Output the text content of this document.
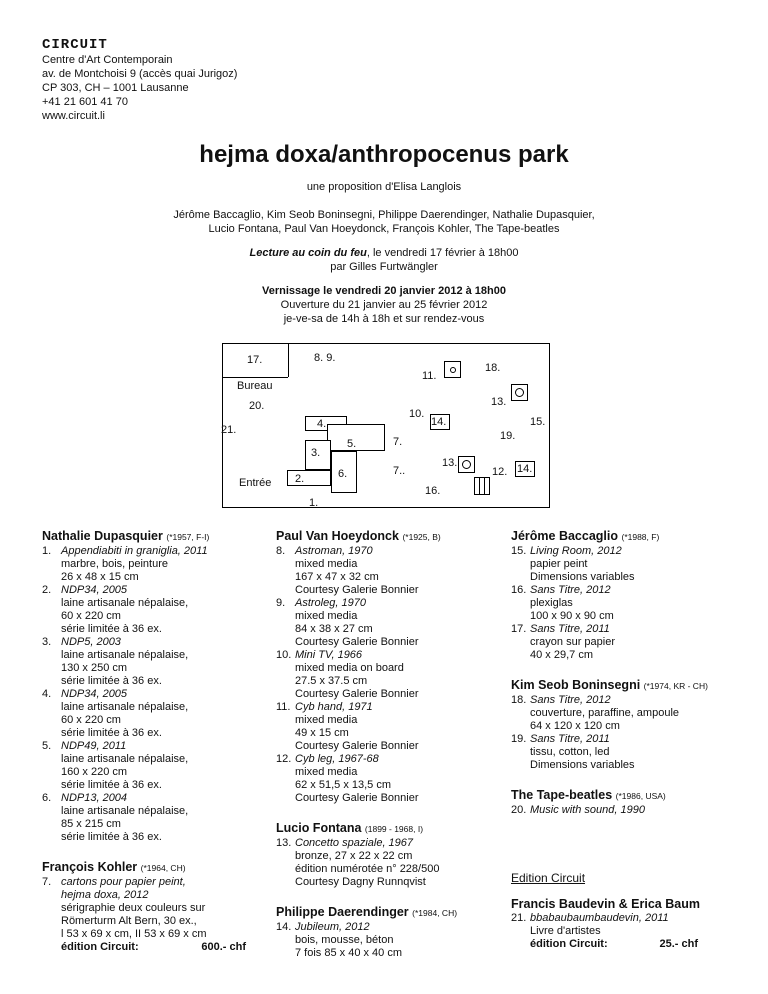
CIRCUIT
Centre d'Art Contemporain
av. de Montchoisi 9 (accès quai Jurigoz)
CP 303, CH – 1001 Lausanne
+41 21 601 41 70
www.circuit.li
hejma doxa/anthropocenus park
une proposition d'Elisa Langlois
Jérôme Baccaglio, Kim Seob Boninsegni, Philippe Daerendinger, Nathalie Dupasquier,
Lucio Fontana, Paul Van Hoeydonck, François Kohler, The Tape-beatles
Lecture au coin du feu, le vendredi 17 février à 18h00
par Gilles Furtwängler
Vernissage le vendredi 20 janvier 2012 à 18h00
Ouverture du 21 janvier au 25 février 2012
je-ve-sa de 14h à 18h et sur rendez-vous
17.	8. 9.
11.
18.
Bureau
20.	13.
10.
14.	15.
21.	4.
5.	7.	19.
3.
13.
2.	6.	7..	12. 14.
Entrée
16.
1.
Nathalie Dupasquier (*1957, F-I)
1. Appendiabiti in graniglia, 2011
marbre, bois, peinture
26 x 48 x 15 cm
2. NDP34, 2005
laine artisanale népalaise,
60 x 220 cm
série limitée à 36 ex.
3. NDP5, 2003
laine artisanale népalaise,
130 x 250 cm
série limitée à 36 ex.
4. NDP34, 2005
laine artisanale népalaise,
60 x 220 cm
série limitée à 36 ex.
5. NDP49, 2011
laine artisanale népalaise,
160 x 220 cm
série limitée à 36 ex.
6. NDP13, 2004
laine artisanale népalaise,
85 x 215 cm
série limitée à 36 ex.
François Kohler (*1964, CH)
7. cartons pour papier peint,
hejma doxa, 2012
sérigraphie deux couleurs sur
Römerturm Alt Bern, 30 ex.,
l 53 x 69 x cm, II 53 x 69 x cm
édition Circuit:	600.- chf
Paul Van Hoeydonck (*1925, B)
8. Astroman, 1970
mixed media
167 x 47 x 32 cm
Courtesy Galerie Bonnier
9. Astroleg, 1970
mixed media
84 x 38 x 27 cm
Courtesy Galerie Bonnier
10. Mini TV, 1966
mixed media on board
27.5 x 37.5 cm
Courtesy Galerie Bonnier
11. Cyb hand, 1971
mixed media
49 x 15 cm
Courtesy Galerie Bonnier
12. Cyb leg, 1967-68
mixed media
62 x 51,5 x 13,5 cm
Courtesy Galerie Bonnier
Lucio Fontana (1899 - 1968, I)
13. Concetto spaziale, 1967
bronze, 27 x 22 x 22 cm
édition numérotée n° 228/500
Courtesy Dagny Runnqvist
Philippe Daerendinger (*1984, CH)
14. Jubileum, 2012
bois, mousse, béton
7 fois 85 x 40 x 40 cm
Jérôme Baccaglio (*1988, F)
15. Living Room, 2012
papier peint
Dimensions variables
16. Sans Titre, 2012
plexiglas
100 x 90 x 90 cm
17. Sans Titre, 2011
crayon sur papier
40 x 29,7 cm
Kim Seob Boninsegni (*1974, KR - CH)
18. Sans Titre, 2012
couverture, paraffine, ampoule
64 x 120 x 120 cm
19. Sans Titre, 2011
tissu, cotton, led
Dimensions variables
The Tape-beatles (*1986, USA)
20. Music with sound, 1990
Edition Circuit
Francis Baudevin & Erica Baum
21. bbabaubaumbaudevin, 2011
Livre d'artistes
édition Circuit:	25.- chf
